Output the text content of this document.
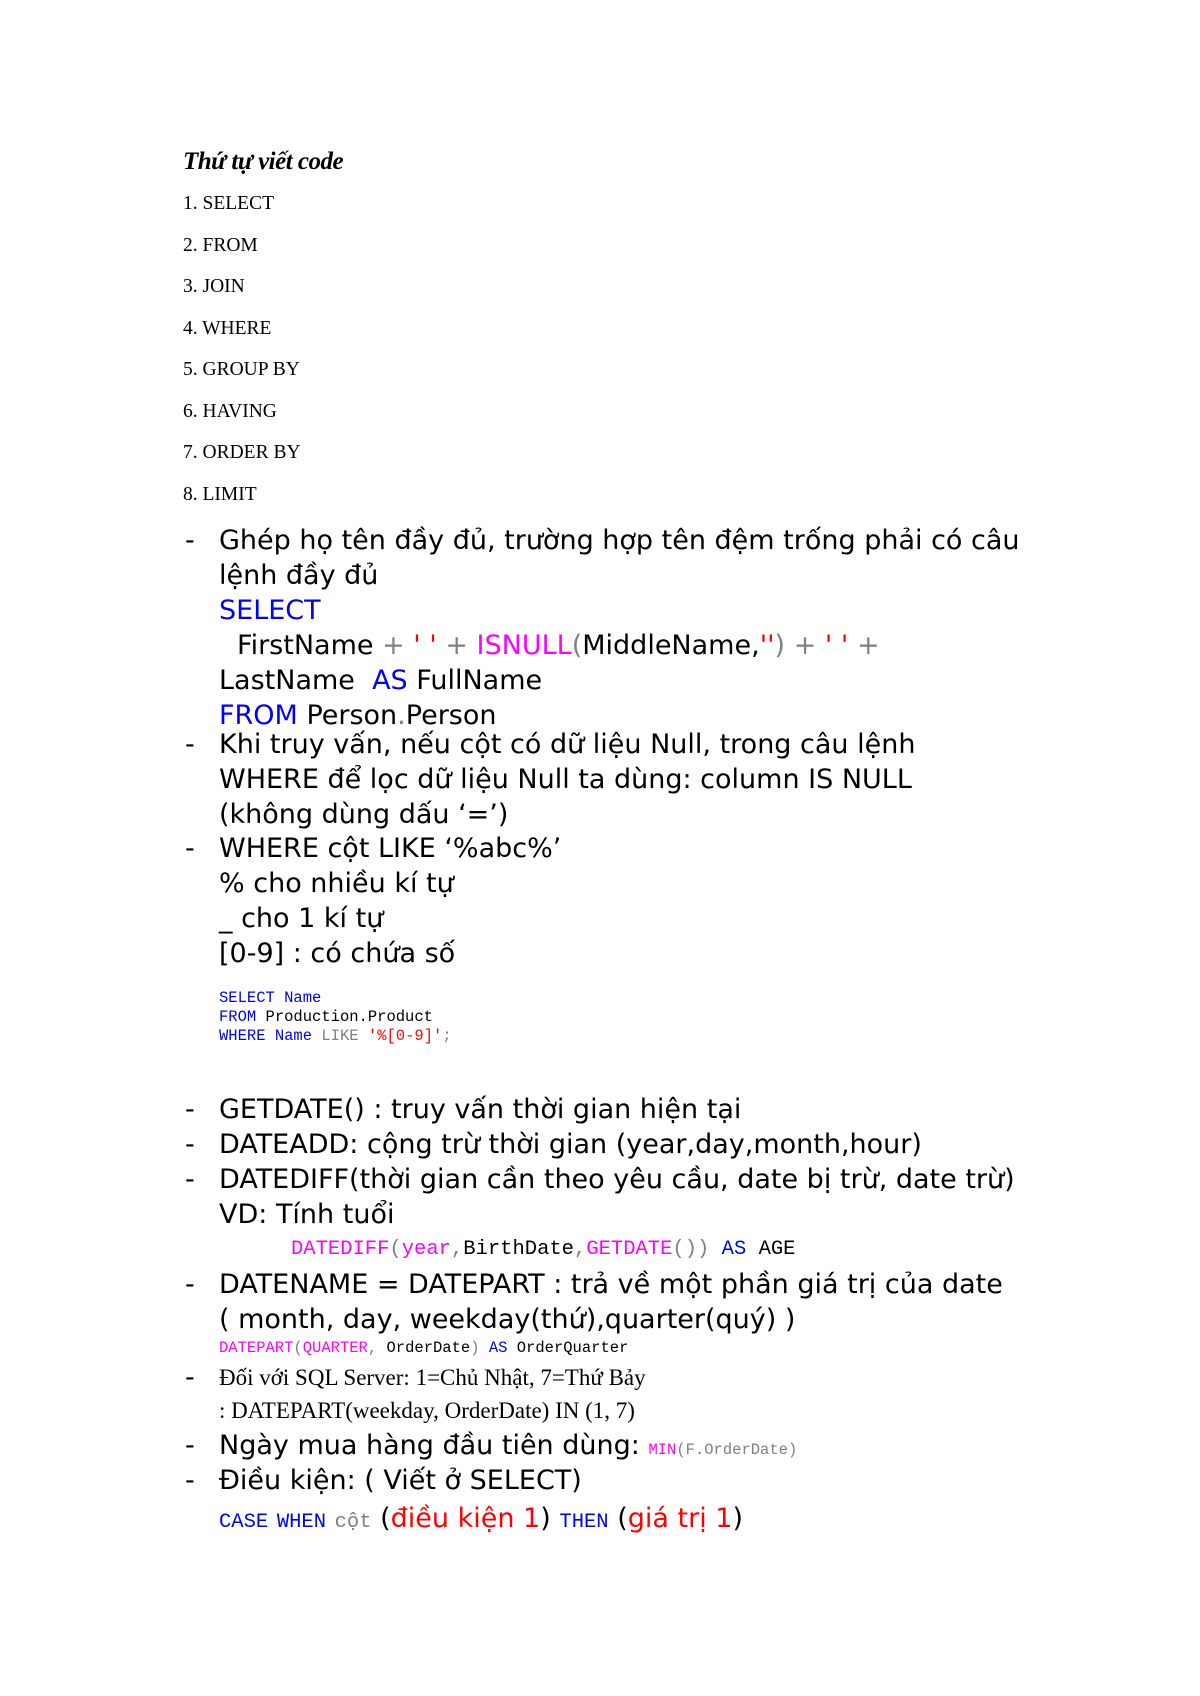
Thứ tự viết code
1. SELECT
2. FROM
3. JOIN
4. WHERE
5. GROUP BY
6. HAVING
7. ORDER BY
8. LIMIT
- Ghép họ tên đầy đủ, trường hợp tên đệm trống phải có câu
lệnh đầy đủ
SELECT
FirstName + ' ' + ISNULL(MiddleName,'') + ' ' +
LastName AS FullName
FROM Person.Person
- Khi truy vấn, nếu cột có dữ liệu Null, trong câu lệnh
WHERE để lọc dữ liệu Null ta dùng: column IS NULL
(không dùng dấu ‘=’)
- WHERE cột LIKE ‘%abc%’
% cho nhiều kí tự
_ cho 1 kí tự
[0-9] : có chứa số
SELECT Name
FROM Production.Product
WHERE Name LIKE '%[0-9]';
- GETDATE() : truy vấn thời gian hiện tại
- DATEADD: cộng trừ thời gian (year,day,month,hour)
- DATEDIFF(thời gian cần theo yêu cầu, date bị trừ, date trừ)
VD: Tính tuổi
DATEDIFF(year,BirthDate,GETDATE()) AS AGE
- DATENAME = DATEPART : trả về một phần giá trị của date
( month, day, weekday(thứ),quarter(quý) )
DATEPART(QUARTER, OrderDate) AS OrderQuarter
-	Đối với SQL Server: 1=Chủ Nhật, 7=Thứ Bảy
: DATEPART(weekday, OrderDate) IN (1, 7)
- Ngày mua hàng đầu tiên dùng: MIN(F.OrderDate)
- Điều kiện: ( Viết ở SELECT)
CASE WHEN cột (điều kiện 1) THEN (giá trị 1)
